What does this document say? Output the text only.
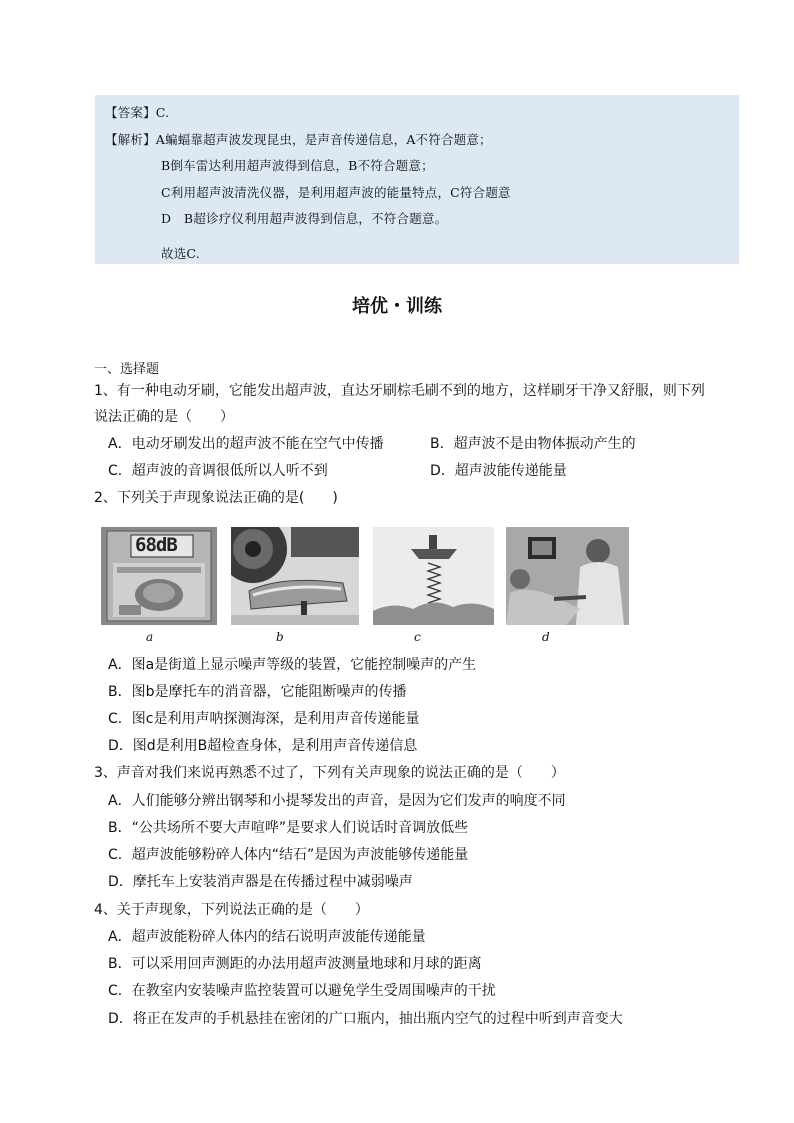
【答案】C.
【解析】A蝙蝠靠超声波发现昆虫，是声音传递信息，A不符合题意；
B倒车雷达利用超声波得到信息，B不符合题意；
C利用超声波清洗仪器，是利用超声波的能量特点，C符合题意
D　B超诊疗仪利用超声波得到信息，不符合题意。
故选C.
培优・训练
一、选择题
1、有一种电动牙刷，它能发出超声波，直达牙刷棕毛刷不到的地方，这样刷牙干净又舒服，则下列
说法正确的是（　　）
A．电动牙刷发出的超声波不能在空气中传播	B．超声波不是由物体振动产生的
C．超声波的音调很低所以人听不到	D．超声波能传递能量
2、下列关于声现象说法正确的是(　　)
68dB
a	b	c	d
A．图a是街道上显示噪声等级的装置，它能控制噪声的产生
B．图b是摩托车的消音器，它能阻断噪声的传播
C．图c是利用声呐探测海深，是利用声音传递能量
D．图d是利用B超检查身体，是利用声音传递信息
3、声音对我们来说再熟悉不过了，下列有关声现象的说法正确的是（　　）
A．人们能够分辨出钢琴和小提琴发出的声音，是因为它们发声的响度不同
B．“公共场所不要大声喧哗”是要求人们说话时音调放低些
C．超声波能够粉碎人体内“结石”是因为声波能够传递能量
D．摩托车上安装消声器是在传播过程中减弱噪声
4、关于声现象，下列说法正确的是（　　）
A．超声波能粉碎人体内的结石说明声波能传递能量
B．可以采用回声测距的办法用超声波测量地球和月球的距离
C．在教室内安装噪声监控装置可以避免学生受周围噪声的干扰
D．将正在发声的手机悬挂在密闭的广口瓶内，抽出瓶内空气的过程中听到声音变大
